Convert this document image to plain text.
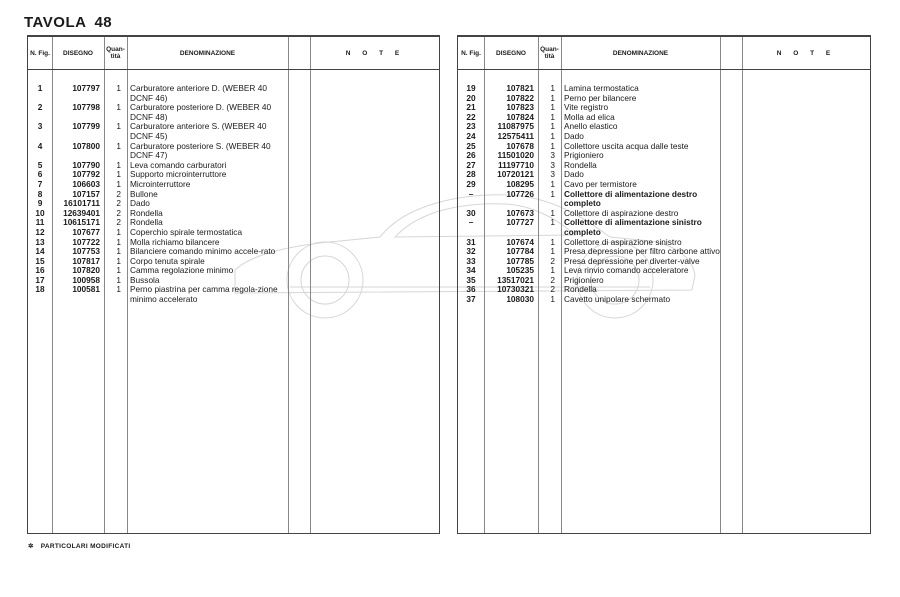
TAVOLA 48
N. Fig.	DISEGNO	Quan- tità	DENOMINAZIONE	N O T E
1	107797	1	Carburatore anteriore D. (WEBER 40 DCNF 46)
2	107798	1	Carburatore posteriore D. (WEBER 40 DCNF 48)
3	107799	1	Carburatore anteriore S. (WEBER 40 DCNF 45)
4	107800	1	Carburatore posteriore S. (WEBER 40 DCNF 47)
5	107790	1	Leva comando carburatori
6	107792	1	Supporto microinterruttore
7	106603	1	Microinterruttore
8	107157	2	Bullone
9	16101711	2	Dado
10	12639401	2	Rondella
11	10615171	2	Rondella
12	107677	1	Coperchio spirale termostatica
13	107722	1	Molla richiamo bilancere
14	107753	1	Bilanciere comando minimo accele-rato
15	107817	1	Corpo tenuta spirale
16	107820	1	Camma regolazione minimo
17	100958	1	Bussola
18	100581	1	Perno piastrina per camma regola-zione minimo accelerato
N. Fig.	DISEGNO	Quan- tità	DENOMINAZIONE	N O T E
19	107821	1	Lamina termostatica
20	107822	1	Perno per bilancere
21	107823	1	Vite registro
22	107824	1	Molla ad elica
23	11087975	1	Anello elastico
24	12575411	1	Dado
25	107678	1	Collettore uscita acqua dalle teste
26	11501020	3	Prigioniero
27	11197710	3	Rondella
28	10720121	3	Dado
29	108295	1	Cavo per termistore
–	107726	1	Collettore di alimentazione destro completo
30	107673	1	Collettore di aspirazione destro
–	107727	1	Collettore di alimentazione sinistro completo
31	107674	1	Collettore di aspirazione sinistro
32	107784	1	Presa depressione per filtro carbone attivo
33	107785	2	Presa depressione per diverter-valve
34	105235	1	Leva rinvio comando acceleratore
35	13517021	2	Prigioniero
36	10730321	2	Rondella
37	108030	1	Cavetto unipolare schermato
✲ PARTICOLARI MODIFICATI
